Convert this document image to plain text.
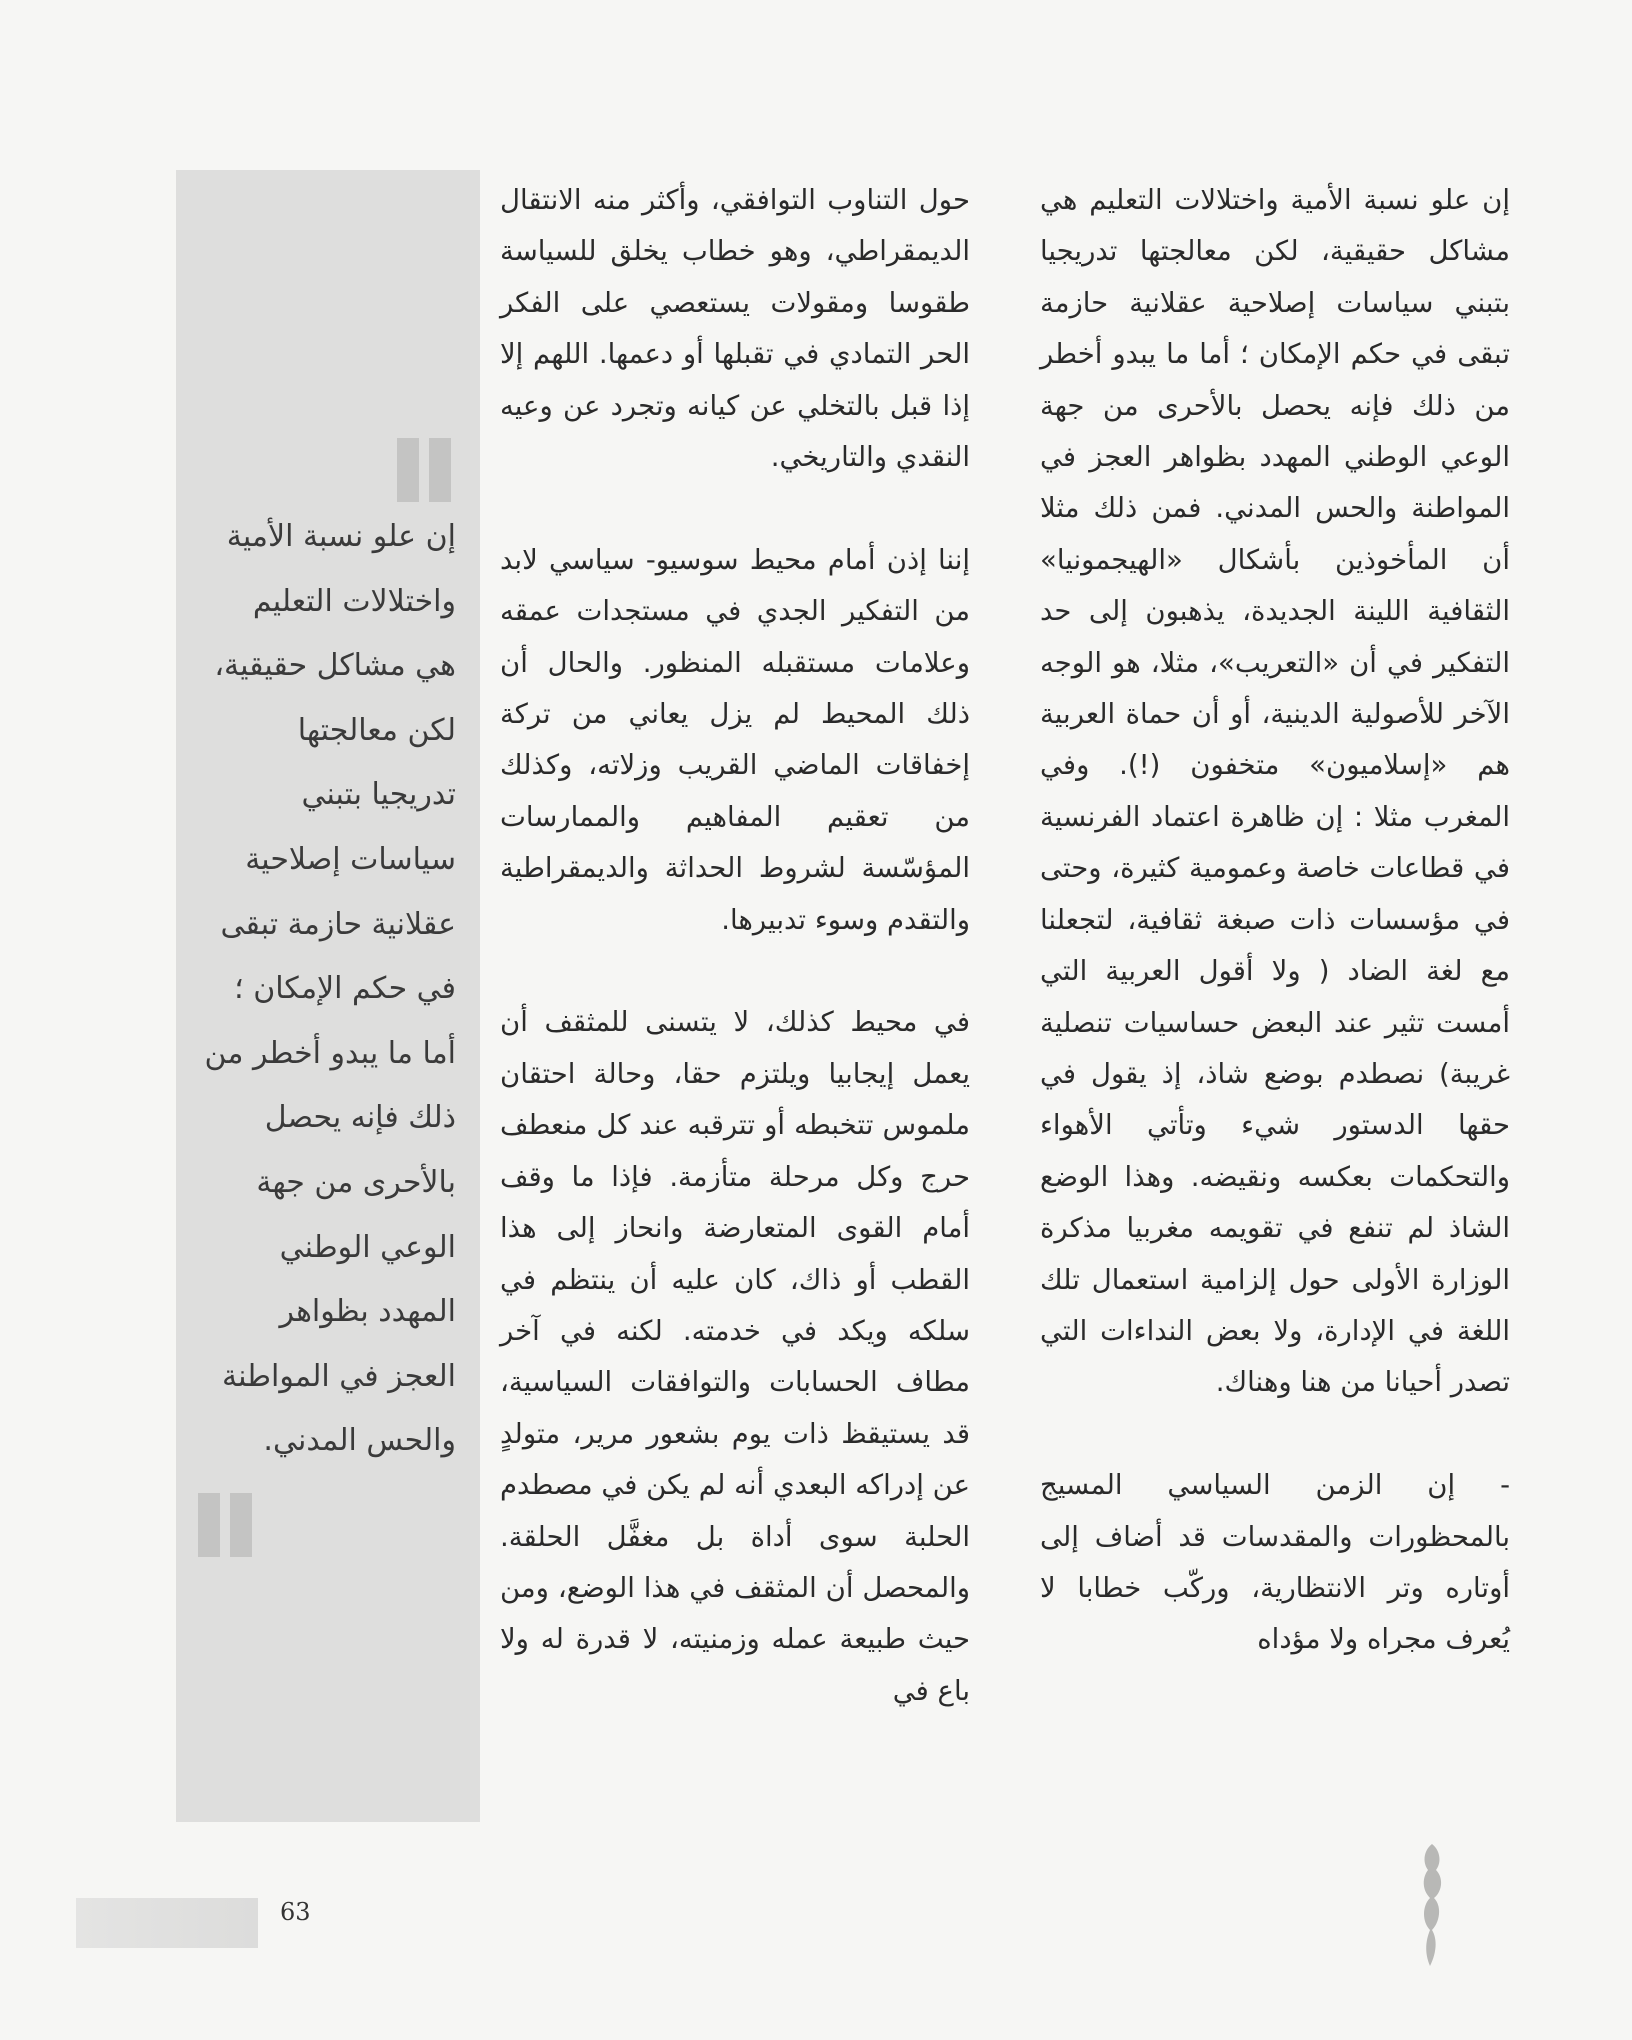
إن علو نسبة الأمية واختلالات التعليم هي مشاكل حقيقية، لكن معالجتها تدريجيا بتبني سياسات إصلاحية عقلانية حازمة تبقى في حكم الإمكان ؛ أما ما يبدو أخطر من ذلك فإنه يحصل بالأحرى من جهة الوعي الوطني المهدد بظواهر العجز في المواطنة والحس المدني. فمن ذلك مثلا أن المأخوذين بأشكال «الهيجمونيا» الثقافية اللينة الجديدة، يذهبون إلى حد التفكير في أن «التعريب»، مثلا، هو الوجه الآخر للأصولية الدينية، أو أن حماة العربية هم «إسلاميون» متخفون (!). وفي المغرب مثلا : إن ظاهرة اعتماد الفرنسية في قطاعات خاصة وعمومية كثيرة، وحتى في مؤسسات ذات صبغة ثقافية، لتجعلنا مع لغة الضاد ( ولا أقول العربية التي أمست تثير عند البعض حساسيات تنصلية غريبة) نصطدم بوضع شاذ، إذ يقول في حقها الدستور شيء وتأتي الأهواء والتحكمات بعكسه ونقيضه. وهذا الوضع الشاذ لم تنفع في تقويمه مغربيا مذكرة الوزارة الأولى حول إلزامية استعمال تلك اللغة في الإدارة، ولا بعض النداءات التي تصدر أحيانا من هنا وهناك.

- إن الزمن السياسي المسيج بالمحظورات والمقدسات قد أضاف إلى أوتاره وتر الانتظارية، وركّب خطابا لا يُعرف مجراه ولا مؤداه

حول التناوب التوافقي، وأكثر منه الانتقال الديمقراطي، وهو خطاب يخلق للسياسة طقوسا ومقولات يستعصي على الفكر الحر التمادي في تقبلها أو دعمها. اللهم إلا إذا قبل بالتخلي عن كيانه وتجرد عن وعيه النقدي والتاريخي.

إننا إذن أمام محيط سوسيو- سياسي لابد من التفكير الجدي في مستجدات عمقه وعلامات مستقبله المنظور. والحال أن ذلك المحيط لم يزل يعاني من تركة إخفاقات الماضي القريب وزلاته، وكذلك من تعقيم المفاهيم والممارسات المؤسّسة لشروط الحداثة والديمقراطية والتقدم وسوء تدبيرها.

في محيط كذلك، لا يتسنى للمثقف أن يعمل إيجابيا ويلتزم حقا، وحالة احتقان ملموس تتخبطه أو تترقبه عند كل منعطف حرج وكل مرحلة متأزمة. فإذا ما وقف أمام القوى المتعارضة وانحاز إلى هذا القطب أو ذاك، كان عليه أن ينتظم في سلكه ويكد في خدمته. لكنه في آخر مطاف الحسابات والتوافقات السياسية، قد يستيقظ ذات يوم بشعور مرير، متولدٍ عن إدراكه البعدي أنه لم يكن في مصطدم الحلبة سوى أداة بل مغفَّل الحلقة. والمحصل أن المثقف في هذا الوضع، ومن حيث طبيعة عمله وزمنيته، لا قدرة له ولا باع في

إن علو نسبة الأمية واختلالات التعليم هي مشاكل حقيقية، لكن معالجتها تدريجيا بتبني سياسات إصلاحية عقلانية حازمة تبقى في حكم الإمكان ؛ أما ما يبدو أخطر من ذلك فإنه يحصل بالأحرى من جهة الوعي الوطني المهدد بظواهر العجز في المواطنة والحس المدني.
63
